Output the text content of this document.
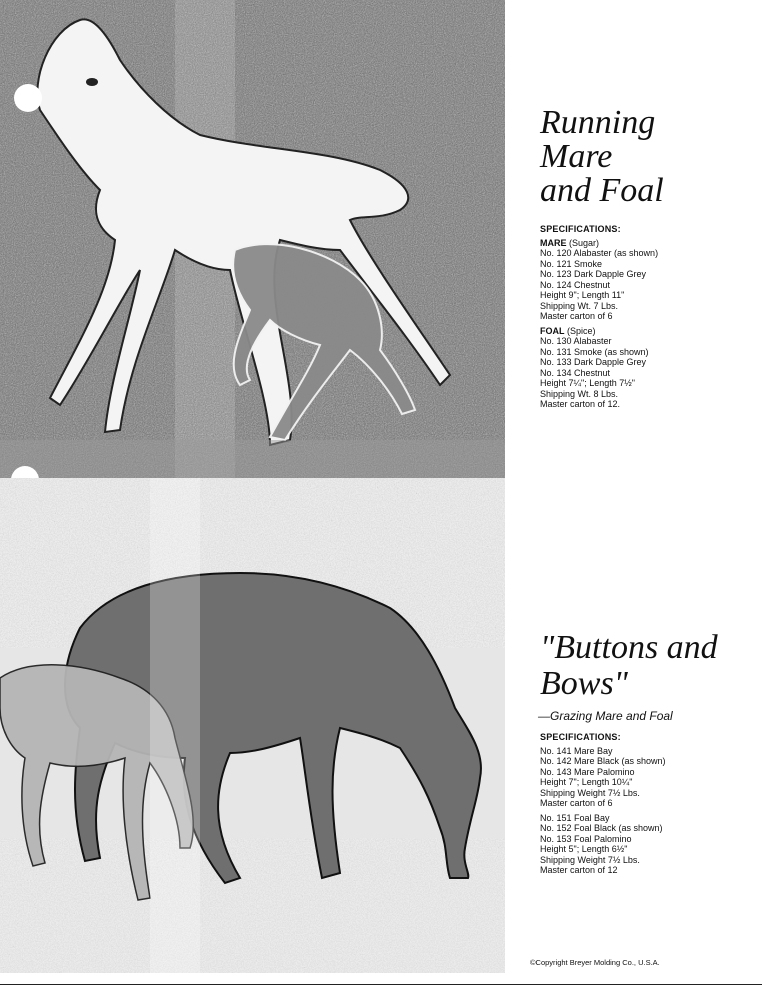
Running
Mare
and Foal
SPECIFICATIONS:
MARE (Sugar)
No. 120 Alabaster (as shown)
No. 121 Smoke
No. 123 Dark Dapple Grey
No. 124 Chestnut
Height 9"; Length 11"
Shipping Wt. 7 Lbs.
Master carton of 6
FOAL (Spice)
No. 130 Alabaster
No. 131 Smoke (as shown)
No. 133 Dark Dapple Grey
No. 134 Chestnut
Height 7¼"; Length 7½"
Shipping Wt. 8 Lbs.
Master carton of 12.
"Buttons and
Bows"
—Grazing Mare and Foal
SPECIFICATIONS:
No. 141 Mare Bay
No. 142 Mare Black (as shown)
No. 143 Mare Palomino
Height 7"; Length 10¼"
Shipping Weight 7½ Lbs.
Master carton of 6
No. 151 Foal Bay
No. 152 Foal Black (as shown)
No. 153 Foal Palomino
Height 5"; Length 6½"
Shipping Weight 7½ Lbs.
Master carton of 12
©Copyright Breyer Molding Co., U.S.A.
